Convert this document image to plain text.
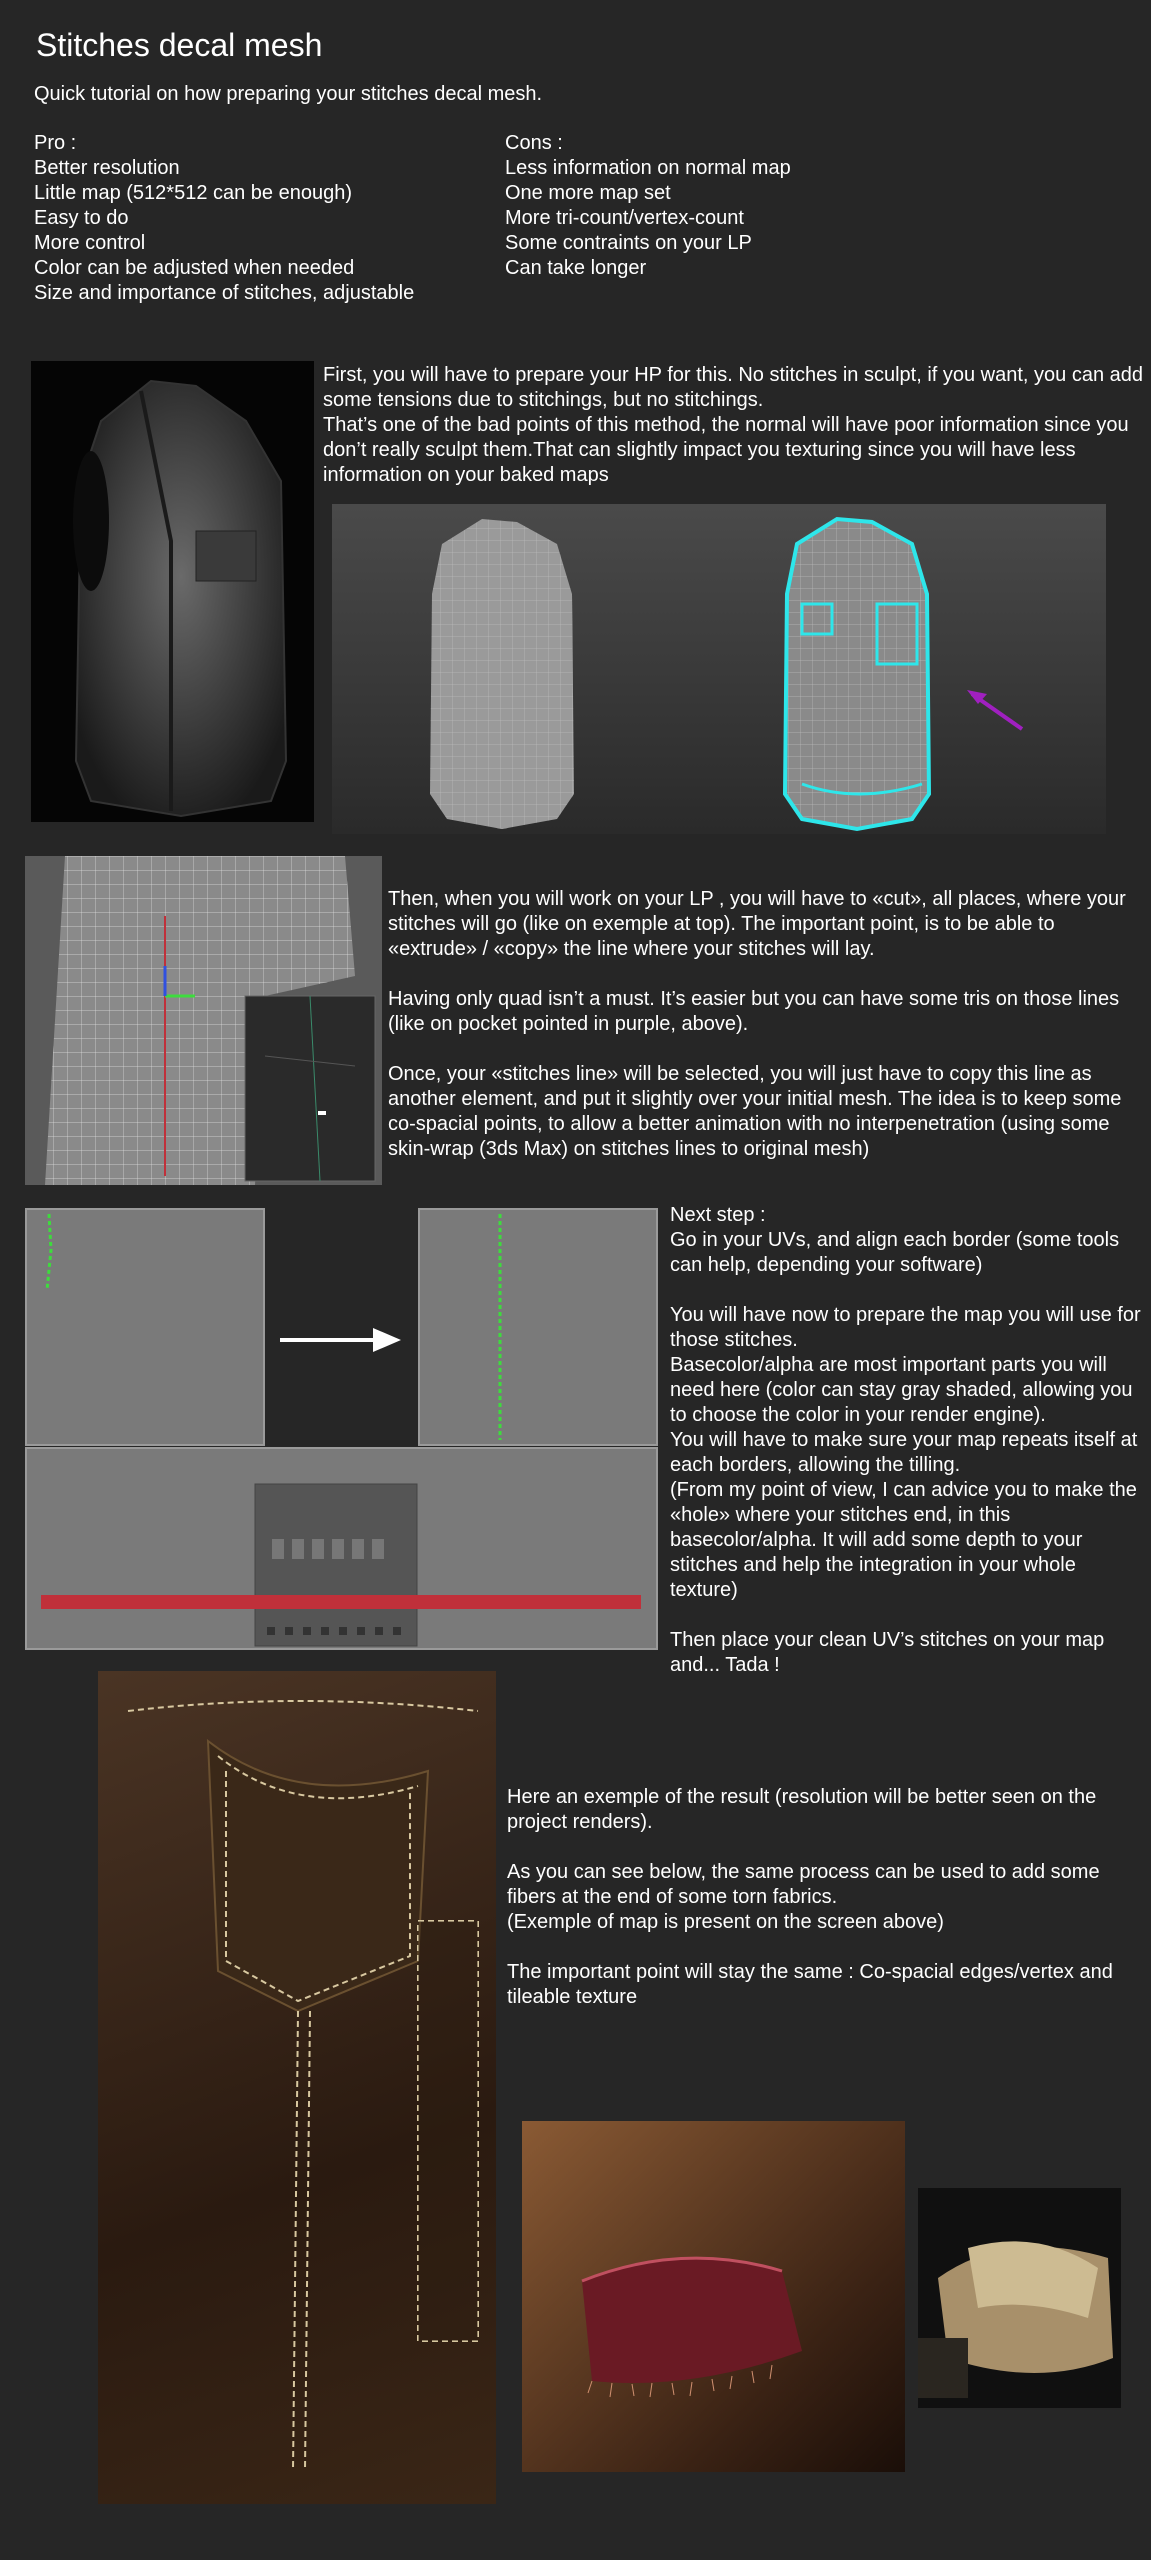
Stitches decal mesh
Quick tutorial on how preparing your stitches decal mesh.
Pro :
Better resolution
Little map (512*512 can be enough)
Easy to do
More control
Color can be adjusted when needed
Size and importance of stitches, adjustable
Cons :
Less information on normal map
One more map set
More tri-count/vertex-count
Some contraints on your LP
Can take longer
First, you will have to prepare your HP for this. No stitches in sculpt, if you want, you can add some tensions due to stitchings, but no stitchings.
That’s one of the bad points of this method, the normal will have poor information since you don’t really sculpt them.That can slightly impact you texturing since you will have less information on your baked maps

Then, when you will work on your LP , you will have to «cut», all places, where your stitches will go (like on exemple at top). The important point, is to be able to «extrude» / «copy» the line where your stitches will lay.

Having only quad isn’t a must. It’s easier but you can have some tris on those lines (like on pocket pointed in purple, above).

Once, your «stitches line» will be selected, you will just have to copy this line as another element, and put it slightly over your initial mesh. The idea is to keep some co-spacial points, to allow a better animation with no interpenetration (using some skin-wrap (3ds Max) on stitches lines to original mesh)

Next step :
Go in your UVs, and align each border (some tools can help, depending your software)

You will have now to prepare the map you will use for those stitches.
Basecolor/alpha are most important parts you will need here (color can stay gray shaded, allowing you to choose the color in your render engine).
You will have to make sure your map repeats itself at each borders, allowing the tilling.
(From my point of view, I can advice you to make the «hole» where your stitches end, in this basecolor/alpha. It will add some depth to your stitches and help the integration in your whole texture)

Then place your clean UV’s stitches on your map and... Tada !

Here an exemple of the result (resolution will be better seen on the project renders).

As you can see below, the same process can be used to add some fibers at the end of some torn fabrics.
(Exemple of map is present on the screen above)

The important point will stay the same : Co-spacial edges/vertex and tileable texture
